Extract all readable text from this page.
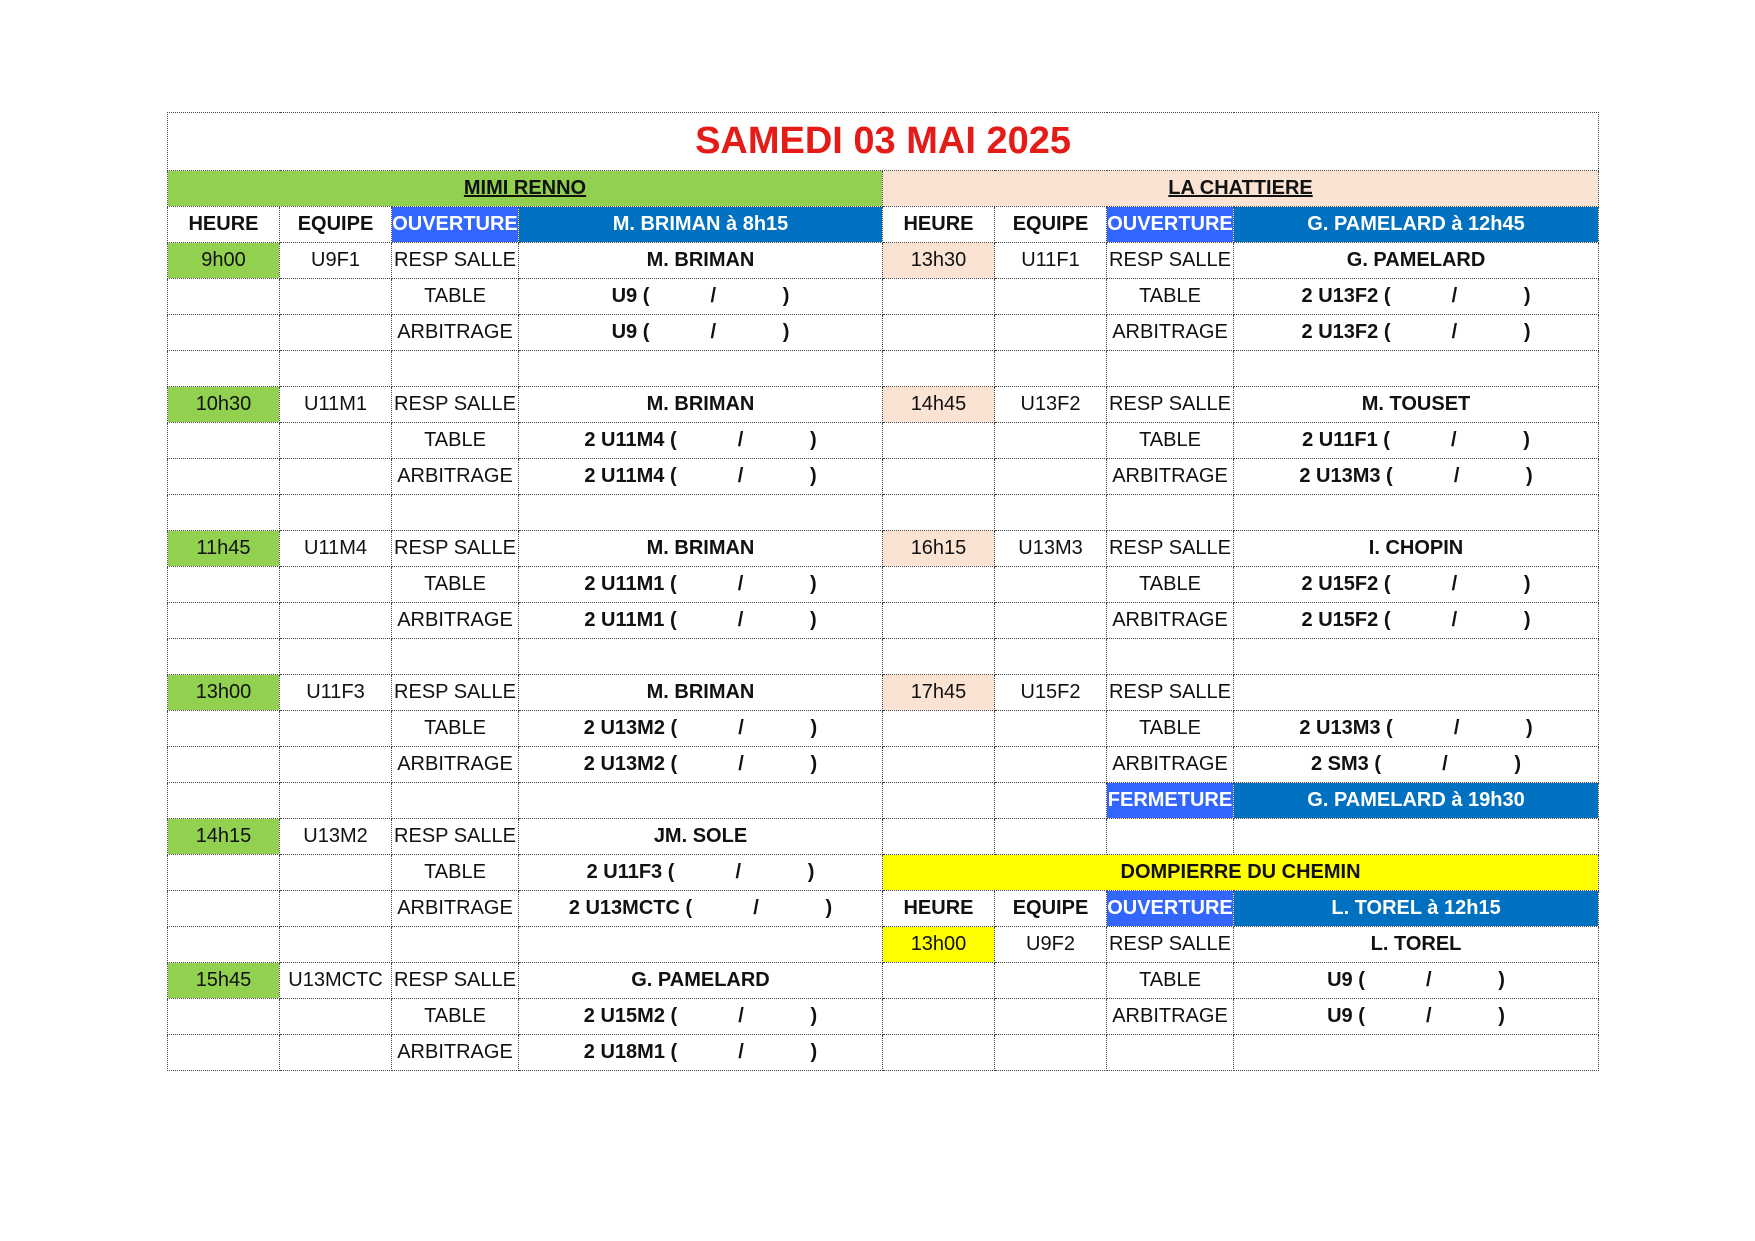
SAMEDI 03 MAI 2025							
MIMI RENNO				LA CHATTIERE			
HEURE	EQUIPE	OUVERTURE	M. BRIMAN à 8h15	HEURE	EQUIPE	OUVERTURE	G. PAMELARD à 12h45
9h00	U9F1	RESP SALLE	M. BRIMAN	13h30	U11F1	RESP SALLE	G. PAMELARD
		TABLE	U9 (           /            )			TABLE	2 U13F2 (           /            )
		ARBITRAGE	U9 (           /            )			ARBITRAGE	2 U13F2 (           /            )

10h30	U11M1	RESP SALLE	M. BRIMAN	14h45	U13F2	RESP SALLE	M. TOUSET
		TABLE	2 U11M4 (           /            )			TABLE	2 U11F1 (           /            )
		ARBITRAGE	2 U11M4 (           /            )			ARBITRAGE	2 U13M3 (           /            )

11h45	U11M4	RESP SALLE	M. BRIMAN	16h15	U13M3	RESP SALLE	I. CHOPIN
		TABLE	2 U11M1 (           /            )			TABLE	2 U15F2 (           /            )
		ARBITRAGE	2 U11M1 (           /            )			ARBITRAGE	2 U15F2 (           /            )

13h00	U11F3	RESP SALLE	M. BRIMAN	17h45	U15F2	RESP SALLE	
		TABLE	2 U13M2 (           /            )			TABLE	2 U13M3 (           /            )
		ARBITRAGE	2 U13M2 (           /            )			ARBITRAGE	2 SM3 (           /            )
						FERMETURE	G. PAMELARD à 19h30
14h15	U13M2	RESP SALLE	JM. SOLE				
		TABLE	2 U11F3 (           /            )	DOMPIERRE DU CHEMIN			
		ARBITRAGE	2 U13MCTC (           /            )	HEURE	EQUIPE	OUVERTURE	L. TOREL à 12h15
				13h00	U9F2	RESP SALLE	L. TOREL
15h45	U13MCTC	RESP SALLE	G. PAMELARD			TABLE	U9 (           /            )
		TABLE	2 U15M2 (           /            )			ARBITRAGE	U9 (           /            )
		ARBITRAGE	2 U18M1 (           /            )				
